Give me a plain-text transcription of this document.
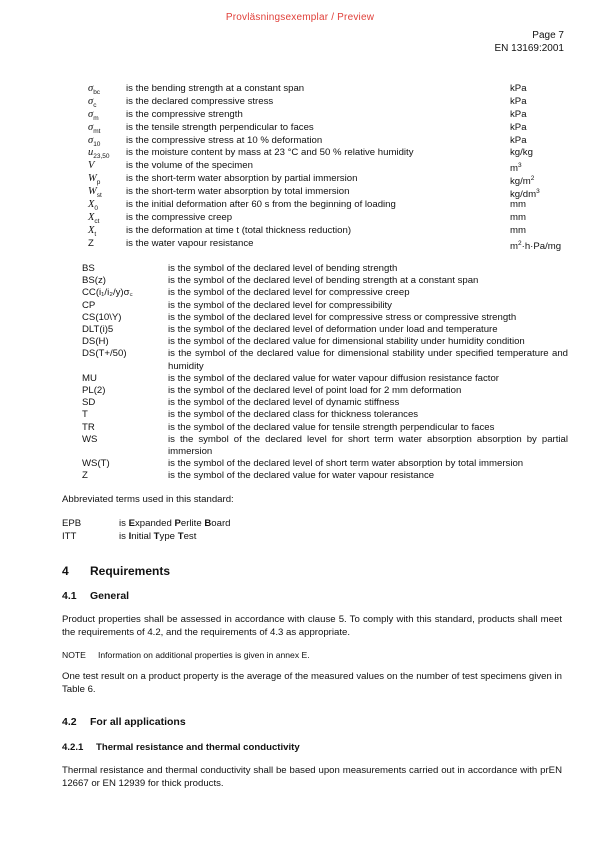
Provläsningsexemplar / Preview
Page 7
EN 13169:2001
$\sigma_{bc}$	is the bending strength at a constant span	kPa
$\sigma_c$	is the declared compressive stress	kPa
$\sigma_m$	is the compressive strength	kPa
$\sigma_{mt}$	is the tensile strength perpendicular to faces	kPa
$\sigma_{10}$	is the compressive stress at 10 % deformation	kPa
$u_{23,50}$ is the moisture content by mass at 23 °C and 50 % relative humidity	kg/kg
V	is the volume of the specimen	$m^3$
$W_p$	is the short-term water absorption by partial immersion	$kg/m^2$
$W_{st}$	is the short-term water absorption by total immersion	$kg/dm^3$
$X_0$	is the initial deformation after 60 s from the beginning of loading	mm
$X_{ct}$	is the compressive creep	mm
$X_t$	is the deformation at time t (total thickness reduction)	mm
Z	is the water vapour resistance	$m^2\cdot h\cdot Pa/mg$
BS	is the symbol of the declared level of bending strength
BS(z)	is the symbol of the declared level of bending strength at a constant span
CC(i₁/i₂/y)σ꜀	is the symbol of the declared level for compressive creep
CP	is the symbol of the declared level for compressibility
CS(10\Y)	is the symbol of the declared level for compressive stress or compressive strength
DLT(i)5	is the symbol of the declared level of deformation under load and temperature
DS(H)	is the symbol of the declared value for dimensional stability under humidity condition
DS(T+/50)	is the symbol of the declared value for dimensional stability under specified temperature and humidity
MU	is the symbol of the declared value for water vapour diffusion resistance factor
PL(2)	is the symbol of the declared level of point load for 2 mm deformation
SD	is the symbol of the declared level of dynamic stiffness
T	is the symbol of the declared class for thickness tolerances
TR	is the symbol of the declared value for tensile strength perpendicular to faces
WS	is the symbol of the declared level for short term water absorption absorption by partial immersion
WS(T)	is the symbol of the declared level of short term water absorption by total immersion
Z	is the symbol of the declared value for water vapour resistance
Abbreviated terms used in this standard:
EPB	is Expanded Perlite Board
ITT	is Initial Type Test
4 Requirements
4.1 General
Product properties shall be assessed in accordance with clause 5. To comply with this standard, products shall meet the requirements of 4.2, and the requirements of 4.3 as appropriate.
NOTE Information on additional properties is given in annex E.
One test result on a product property is the average of the measured values on the number of test specimens given in Table 6.
4.2 For all applications
4.2.1 Thermal resistance and thermal conductivity
Thermal resistance and thermal conductivity shall be based upon measurements carried out in accordance with prEN 12667 or EN 12939 for thick products.
